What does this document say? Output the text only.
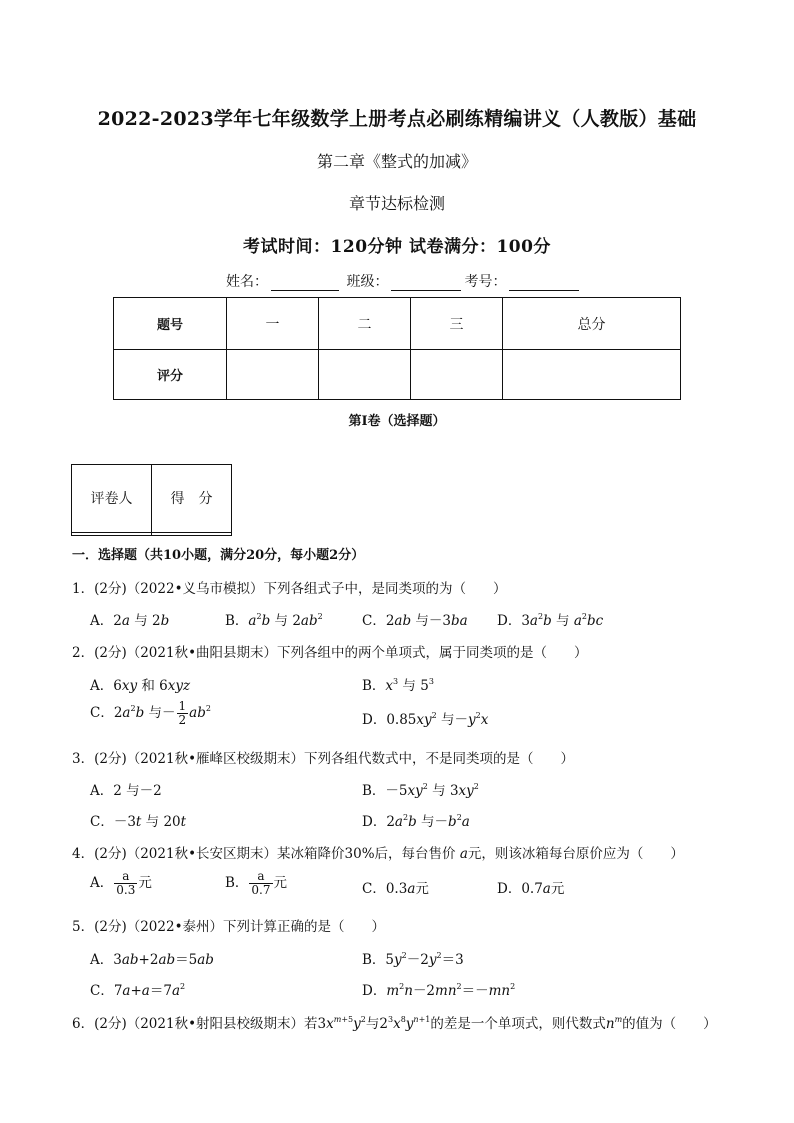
2022-2023学年七年级数学上册考点必刷练精编讲义（人教版）基础
第二章《整式的加减》
章节达标检测
考试时间：120分钟 试卷满分：100分
姓名：	班级：	考号：
题号	一	二	三	总分
评分				
第Ⅰ卷（选择题）
评卷人	得　分

一．选择题（共10小题，满分20分，每小题2分）
1．(2分)（2022•义乌市模拟）下列各组式子中，是同类项的为（　　）
A．2a 与 2b	B．$a^2b$ 与 $2ab^2$	C．2ab 与－3ba D．$3a^2b$ 与 $a^2bc$
2．(2分)（2021秋•曲阳县期末）下列各组中的两个单项式，属于同类项的是（　　）
A．6xy 和 6xyz	B．$x^3$ 与 $5^3$
C．$2a^2b$ 与－ $\frac{1}{2} ab^2$
D．$0.85xy^2$ 与$-y^2x$
3．(2分)（2021秋•雁峰区校级期末）下列各组代数式中，不是同类项的是（　　）
A．2 与－2	B．$-5xy^2$ 与 $3xy^2$
C．－3t 与 20t	D．$2a^2b$ 与$-b^2a$
4．(2分)（2021秋•长安区期末）某冰箱降价30%后，每台售价 a元，则该冰箱每台原价应为（　　）
A． $\frac{a}{0.3}$ 元	B． $\frac{a}{0.7}$ 元	C．0.3a元	D．0.7a元
5．(2分)（2022•泰州）下列计算正确的是（　　）
A．3ab+2ab＝5ab	B．$5y^2-2y^2=3$
C．$7a+a=7a^2$	D．$m^2n-2mn^2=-mn^2$
6．(2分)（2021秋•射阳县校级期末）若$3x^{m+5}y^2$与$2^3x^8y^{n+1}$的差是一个单项式，则代数式$n^m$的值为（　　）
